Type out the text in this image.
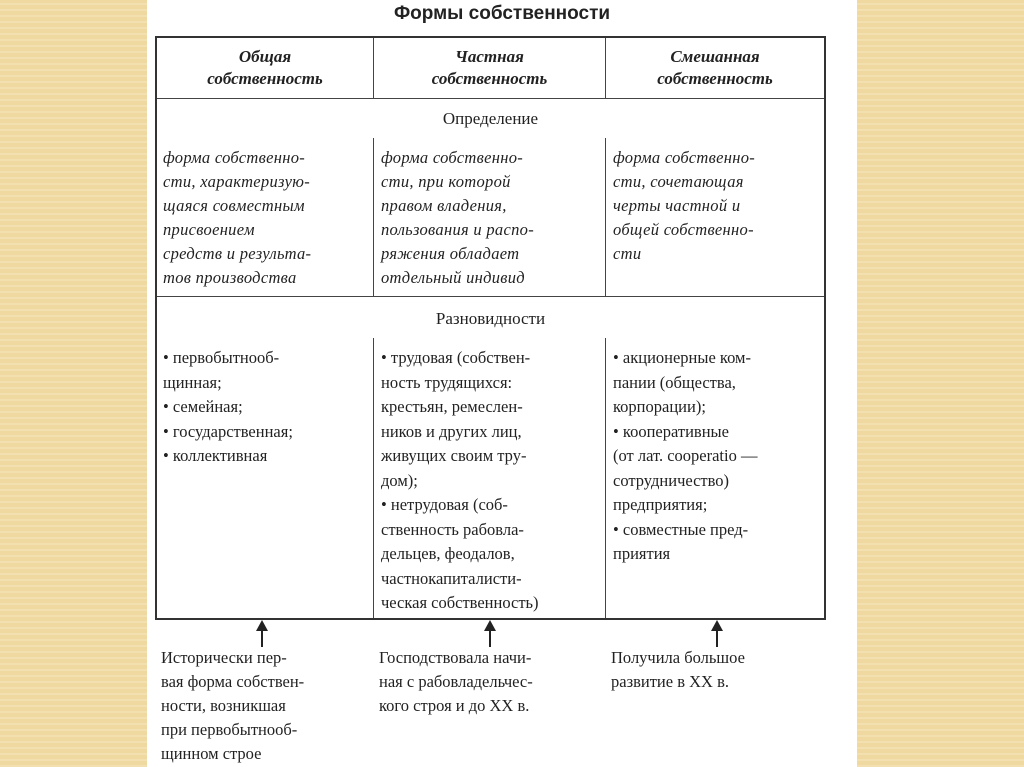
Формы собственности
Общая
собственность
Частная
собственность
Смешанная
собственность
Определение
форма собственно-
сти, характеризую-
щаяся совместным
присвоением
средств и результа-
тов производства
форма собственно-
сти, при которой
правом владения,
пользования и распо-
ряжения обладает
отдельный индивид
форма собственно-
сти, сочетающая
черты частной и
общей собственно-
сти
Разновидности
• первобытнооб-
щинная;
• семейная;
• государственная;
• коллективная
• трудовая (собствен-
ность трудящихся:
крестьян, ремеслен-
ников и других лиц,
живущих своим тру-
дом);
• нетрудовая (соб-
ственность рабовла-
дельцев, феодалов,
частнокапиталисти-
ческая собственность)
• акционерные ком-
пании (общества,
корпорации);
• кооперативные
(от лат. cooperatio —
сотрудничество)
предприятия;
• совместные пред-
приятия
Исторически пер-
вая форма собствен-
ности, возникшая
при первобытнооб-
щинном строе
Господствовала начи-
ная с рабовладельчес-
кого строя и до XX в.
Получила большое
развитие в XX в.
